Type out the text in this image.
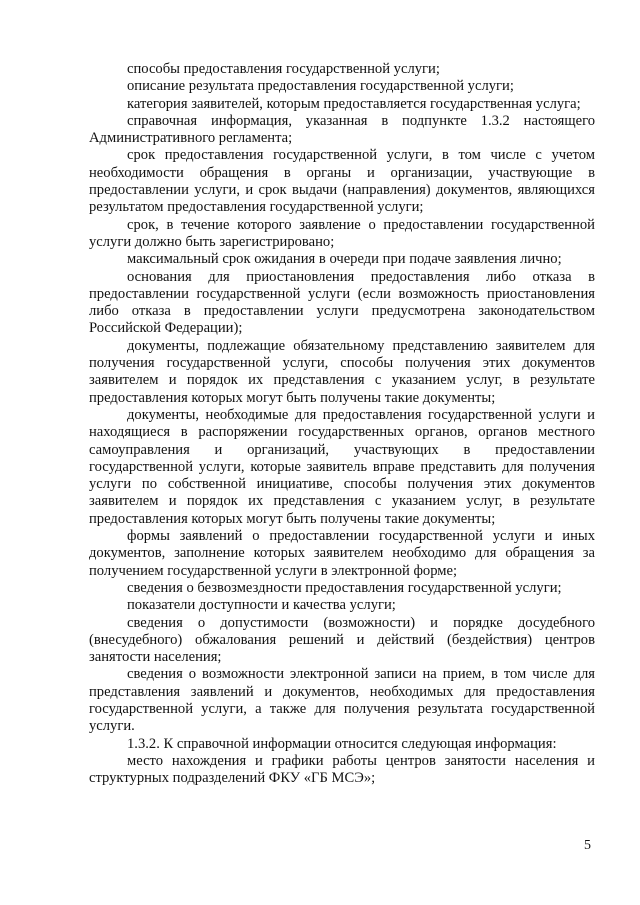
способы предоставления государственной услуги;

описание результата предоставления государственной услуги;

категория заявителей, которым предоставляется государственная услуга;

справочная информация, указанная в подпункте 1.3.2 настоящего Административного регламента;

срок предоставления государственной услуги, в том числе с учетом необходимости обращения в органы и организации, участвующие в предоставлении услуги, и срок выдачи (направления) документов, являющихся результатом предоставления государственной услуги;

срок, в течение которого заявление о предоставлении государственной услуги должно быть зарегистрировано;

максимальный срок ожидания в очереди при подаче заявления лично;

основания для приостановления предоставления либо отказа в предоставлении государственной услуги (если возможность приостановления либо отказа в предоставлении услуги предусмотрена законодательством Российской Федерации);

документы, подлежащие обязательному представлению заявителем для получения государственной услуги, способы получения этих документов заявителем и порядок их представления с указанием услуг, в результате предоставления которых могут быть получены такие документы;

документы, необходимые для предоставления государственной услуги и находящиеся в распоряжении государственных органов, органов местного самоуправления и организаций, участвующих в предоставлении государственной услуги, которые заявитель вправе представить для получения услуги по собственной инициативе, способы получения этих документов заявителем и порядок их представления с указанием услуг, в результате предоставления которых могут быть получены такие документы;

формы заявлений о предоставлении государственной услуги и иных документов, заполнение которых заявителем необходимо для обращения за получением государственной услуги в электронной форме;

сведения о безвозмездности предоставления государственной услуги;

показатели доступности и качества услуги;

сведения о допустимости (возможности) и порядке досудебного (внесудебного) обжалования решений и действий (бездействия) центров занятости населения;

сведения о возможности электронной записи на прием, в том числе для представления заявлений и документов, необходимых для предоставления государственной услуги, а также для получения результата государственной услуги.

1.3.2. К справочной информации относится следующая информация:

место нахождения и графики работы центров занятости населения и структурных подразделений ФКУ «ГБ МСЭ»;

5
